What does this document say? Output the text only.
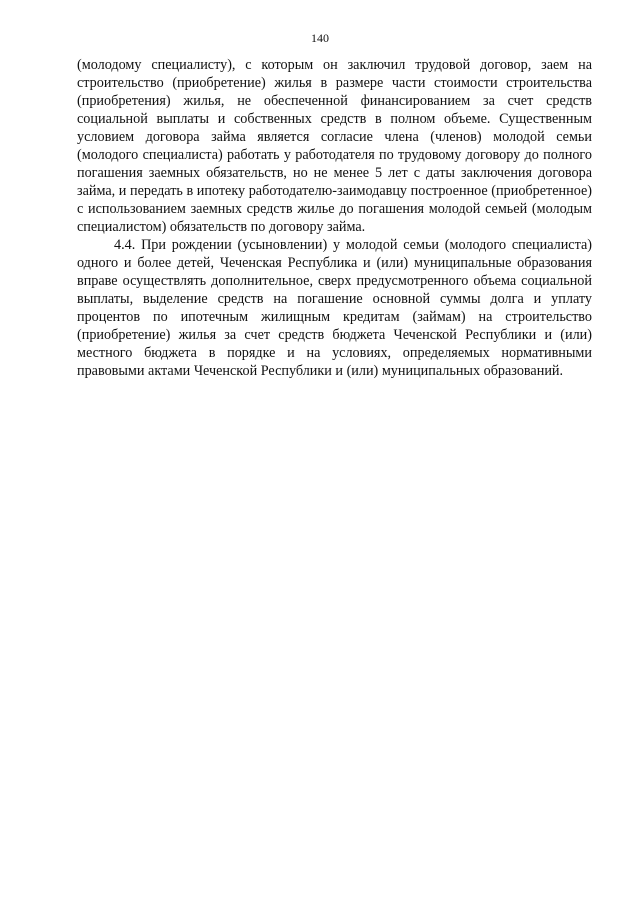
140

(молодому специалисту), с которым он заключил трудовой договор, заем на строительство (приобретение) жилья в размере части стоимости строительства (приобретения) жилья, не обеспеченной финансированием за счет средств социальной выплаты и собственных средств в полном объеме. Существенным условием договора займа является согласие члена (членов) молодой семьи (молодого специалиста) работать у работодателя по трудовому договору до полного погашения заемных обязательств, но не менее 5 лет с даты заключения договора займа, и передать в ипотеку работодателю-заимодавцу построенное (приобретенное) с использованием заемных средств жилье до погашения молодой семьей (молодым специалистом) обязательств по договору займа.

4.4. При рождении (усыновлении) у молодой семьи (молодого специалиста) одного и более детей, Чеченская Республика и (или) муниципальные образования вправе осуществлять дополнительное, сверх предусмотренного объема социальной выплаты, выделение средств на погашение основной суммы долга и уплату процентов по ипотечным жилищным кредитам (займам) на строительство (приобретение) жилья за счет средств бюджета Чеченской Республики и (или) местного бюджета в порядке и на условиях, определяемых нормативными правовыми актами Чеченской Республики и (или) муниципальных образований.
